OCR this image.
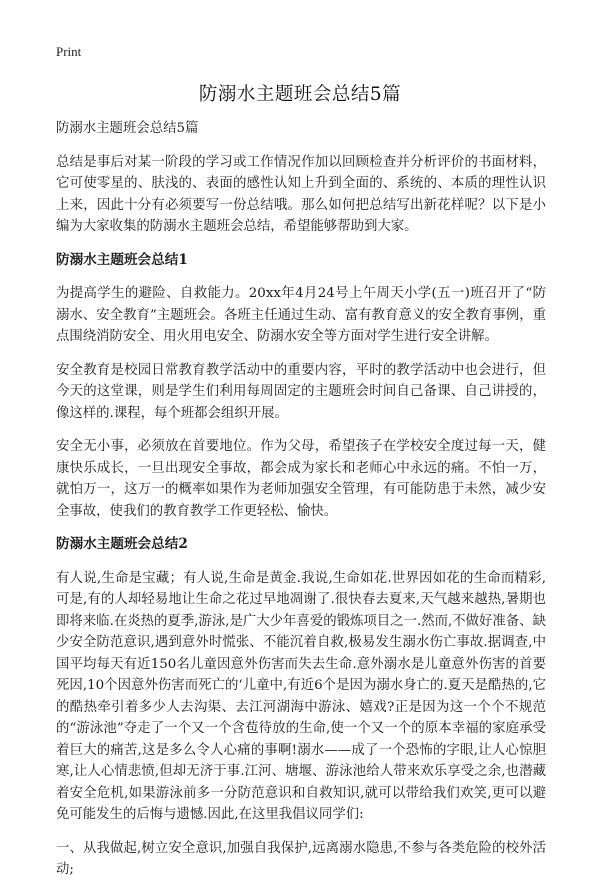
Print
防溺水主题班会总结5篇

防溺水主题班会总结5篇

总结是事后对某一阶段的学习或工作情况作加以回顾检查并分析评价的书面材料，它可使零星的、肤浅的、表面的感性认知上升到全面的、系统的、本质的理性认识上来，因此十分有必须要写一份总结哦。那么如何把总结写出新花样呢？以下是小编为大家收集的防溺水主题班会总结，希望能够帮助到大家。

防溺水主题班会总结1

为提高学生的避险、自救能力。20xx年4月24号上午周天小学(五一)班召开了“防溺水、安全教育”主题班会。各班主任通过生动、富有教育意义的安全教育事例，重点围绕消防安全、用火用电安全、防溺水安全等方面对学生进行安全讲解。

安全教育是校园日常教育教学活动中的重要内容，平时的教学活动中也会进行，但今天的这堂课，则是学生们利用每周固定的主题班会时间自己备课、自己讲授的，像这样的.课程，每个班都会组织开展。

安全无小事，必须放在首要地位。作为父母，希望孩子在学校安全度过每一天，健康快乐成长，一旦出现安全事故，都会成为家长和老师心中永远的痛。不怕一万，就怕万一，这万一的概率如果作为老师加强安全管理，有可能防患于未然，减少安全事故，使我们的教育教学工作更轻松、愉快。

防溺水主题班会总结2

有人说,生命是宝藏；有人说,生命是黄金.我说,生命如花.世界因如花的生命而精彩,可是,有的人却轻易地让生命之花过早地凋谢了.很快春去夏来,天气越来越热,暑期也即将来临.在炎热的夏季,游泳,是广大少年喜爱的锻炼项目之一.然而,不做好准备、缺少安全防范意识,遇到意外时慌张、不能沉着自救,极易发生溺水伤亡事故.据调查,中国平均每天有近150名儿童因意外伤害而失去生命.意外溺水是儿童意外伤害的首要死因,10个因意外伤害而死亡的‘儿童中,有近6个是因为溺水身亡的.夏天是酷热的,它的酷热牵引着多少人去沟渠、去江河湖海中游泳、嬉戏?正是因为这一个个不规范的“游泳池”夺走了一个又一个含苞待放的生命,使一个又一个的原本幸福的家庭承受着巨大的痛苦,这是多么令人心痛的事啊!溺水——成了一个恐怖的字眼,让人心惊胆寒,让人心情悲愤,但却无济于事.江河、塘堰、游泳池给人带来欢乐享受之余,也潜藏着安全危机,如果游泳前多一分防范意识和自救知识,就可以带给我们欢笑,更可以避免可能发生的后悔与遗憾.因此,在这里我倡议同学们:

一、从我做起,树立安全意识,加强自我保护,远离溺水隐患,不参与各类危险的校外活动;
